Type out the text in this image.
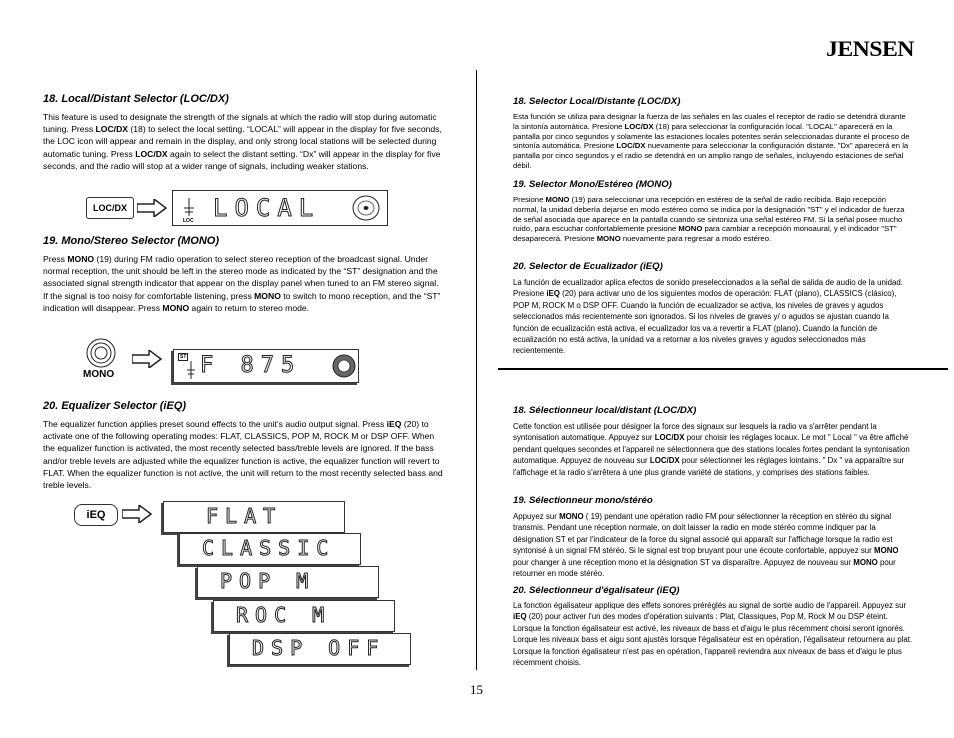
JENSEN
18. Local/Distant Selector (LOC/DX)
This feature is used to designate the strength of the signals at which the radio will stop during automatic tuning. Press LOC/DX (18) to select the local setting. “LOCAL” will appear in the display for five seconds, the LOC icon will appear and remain in the display, and only strong local stations will be selected during automatic tuning. Press LOC/DX again to select the distant setting. “Dx” will appear in the display for five seconds, and the radio will stop at a wider range of signals, including weaker stations.
LOC/DX
LOC LOCAL
19. Mono/Stereo Selector (MONO)
Press MONO (19) during FM radio operation to select stereo reception of the broadcast signal. Under normal reception, the unit should be left in the stereo mode as indicated by the “ST” designation and the associated signal strength indicator that appear on the display panel when tuned to an FM stereo signal. If the signal is too noisy for comfortable listening, press MONO to switch to mono reception, and the “ST” indication will disappear. Press MONO again to return to stereo mode.
MONO
ST F 875
20. Equalizer Selector (iEQ)
The equalizer function applies preset sound effects to the unit’s audio output signal. Press iEQ (20) to activate one of the following operating modes: FLAT, CLASSICS, POP M, ROCK M or DSP OFF. When the equalizer function is activated, the most recently selected bass/treble levels are ignored. If the bass and/or treble levels are adjusted while the equalizer function is active, the equalizer function will revert to FLAT. When the equalizer function is not active, the unit will return to the most recently selected bass and treble levels.
iEQ	FLAT
CLASSIC
POP M
ROC M
DSP OFF
18. Selector Local/Distante (LOC/DX)
Esta función se utiliza para designar la fuerza de las señales en las cuales el receptor de radio se detendrá durante la sintonía automática. Presione LOC/DX (18) para seleccionar la configuración local. "LOCAL" aparecerá en la pantalla por cinco segundos y solamente las estaciones locales potentes serán seleccionadas durante el proceso de sintonía automática. Presione LOC/DX nuevamente para seleccionar la configuración distante. "Dx" aparecerá en la pantalla por cinco segundos y el radio se detendrá en un amplio rango de señales, incluyendo estaciones de señal débil.
19. Selector Mono/Estéreo (MONO)
Presione MONO (19) para seleccionar una recepción en estéreo de la señal de radio recibida. Bajo recepción normal, la unidad debería dejarse en modo estéreo como se indica por la designación "ST" y el indicador de fuerza de señal asociada que aparece en la pantalla cuando se sintoniza una señal estéreo FM. Si la señal posee mucho ruido, para escuchar confortablemente presione MONO para cambiar a recepción monoaural, y el indicador "ST" desaparecerá. Presione MONO nuevamente para regresar a modo estéreo.
20. Selector de Ecualizador (iEQ)
La función de ecualizador aplica efectos de sonido preseleccionados a la señal de salida de audio de la unidad. Presione iEQ (20) para activar uno de los siguientes modos de operación: FLAT (plano), CLASSICS (clásico), POP M, ROCK M o DSP OFF. Cuando la función de ecualizador se activa, los niveles de graves y agudos seleccionados más recientemente son ignorados. Si los niveles de graves y/ o agudos se ajustan cuando la función de ecualización está activa, el ecualizador los va a revertir a FLAT (plano). Cuando la función de ecualización no está activa, la unidad va a retornar a los niveles graves y agudos seleccionados más recientemente.
18. Sélectionneur local/distant (LOC/DX)
Cette fonction est utilisée pour désigner la force des signaux sur lesquels la radio va s'arrêter pendant la syntonisation automatique. Appuyez sur LOC/DX pour choisir les réglages locaux. Le mot " Local " va être affiché pendant quelques secondes et l'appareil ne sélectionnera que des stations locales fortes pendant la syntonisation automatique. Appuyez de nouveau sur LOC/DX pour sélectionner les réglages lointains. " Dx " va apparaître sur l'affichage et la radio s'arrêtera à une plus grande variété de stations, y comprises des stations faibles.
19. Sélectionneur mono/stéréo
Appuyez sur MONO ( 19) pendant une opération radio FM pour sélectionner la réception en stéréo du signal transmis. Pendant une réception normale, on doit laisser la radio en mode stéréo comme indiquer par la désignation ST et par l'indicateur de la force du signal associé qui apparaît sur l'affichage lorsque la radio est syntonisé à un signal FM stéréo. Si le signal est trop bruyant pour une écoute confortable, appuyez sur MONO pour changer à une réception mono et la désignation ST va disparaître. Appuyez de nouveau sur MONO pour retourner en mode stéréo.
20. Sélectionneur d'égalisateur (iEQ)
La fonction égalisateur applique des effets sonores préréglés au signal de sortie audio de l'appareil. Appuyez sur iEQ (20) pour activer l'un des modes d'opération suivants : Plat, Classiques, Pop M, Rock M ou DSP éteint. Lorsque la fonction égalisateur est activé, les niveaux de bass et d'aigu le plus récemment choisi seront ignorés. Lorque les niveaux bass et aigu sont ajustés lorsque l'égalisateur est en opération, l'égalisateur retournera au plat. Lorsque la fonction égalisateur n'est pas en opération, l'appareil reviendra aux niveaux de bass et d'aigu le plus récemment choisis.
15
